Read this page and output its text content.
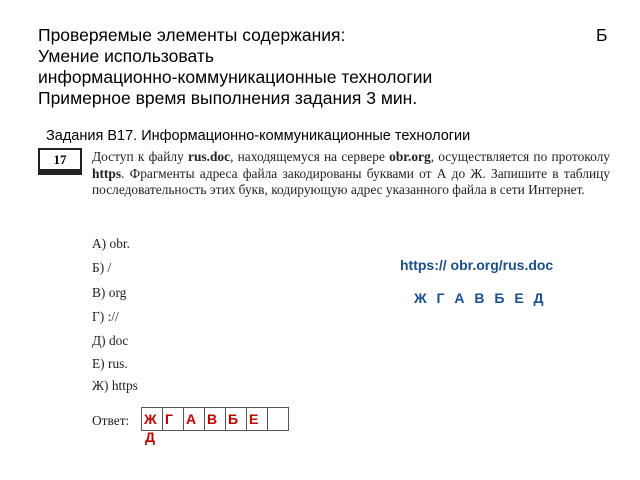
Проверяемые элементы содержания:	Б
Умение использовать
информационно-коммуникационные технологии
Примерное время выполнения задания 3 мин.
Задания В17. Информационно-коммуникационные технологии
17	Доступ к файлу rus.doc, находящемуся на сервере obr.org, осуществляется по протоколу https. Фрагменты адреса файла закодированы буквами от А до Ж. Запишите в таблицу последовательность этих букв, кодирующую адрес указанного файла в сети Интернет.
А) obr.
Б) /
В) org
Г) ://
Д) doc
Е) rus.
Ж) https
https:// obr.org/rus.doc
Ж Г А В Б Е Д
Ответ: Ж Г А В Б Е
Д
